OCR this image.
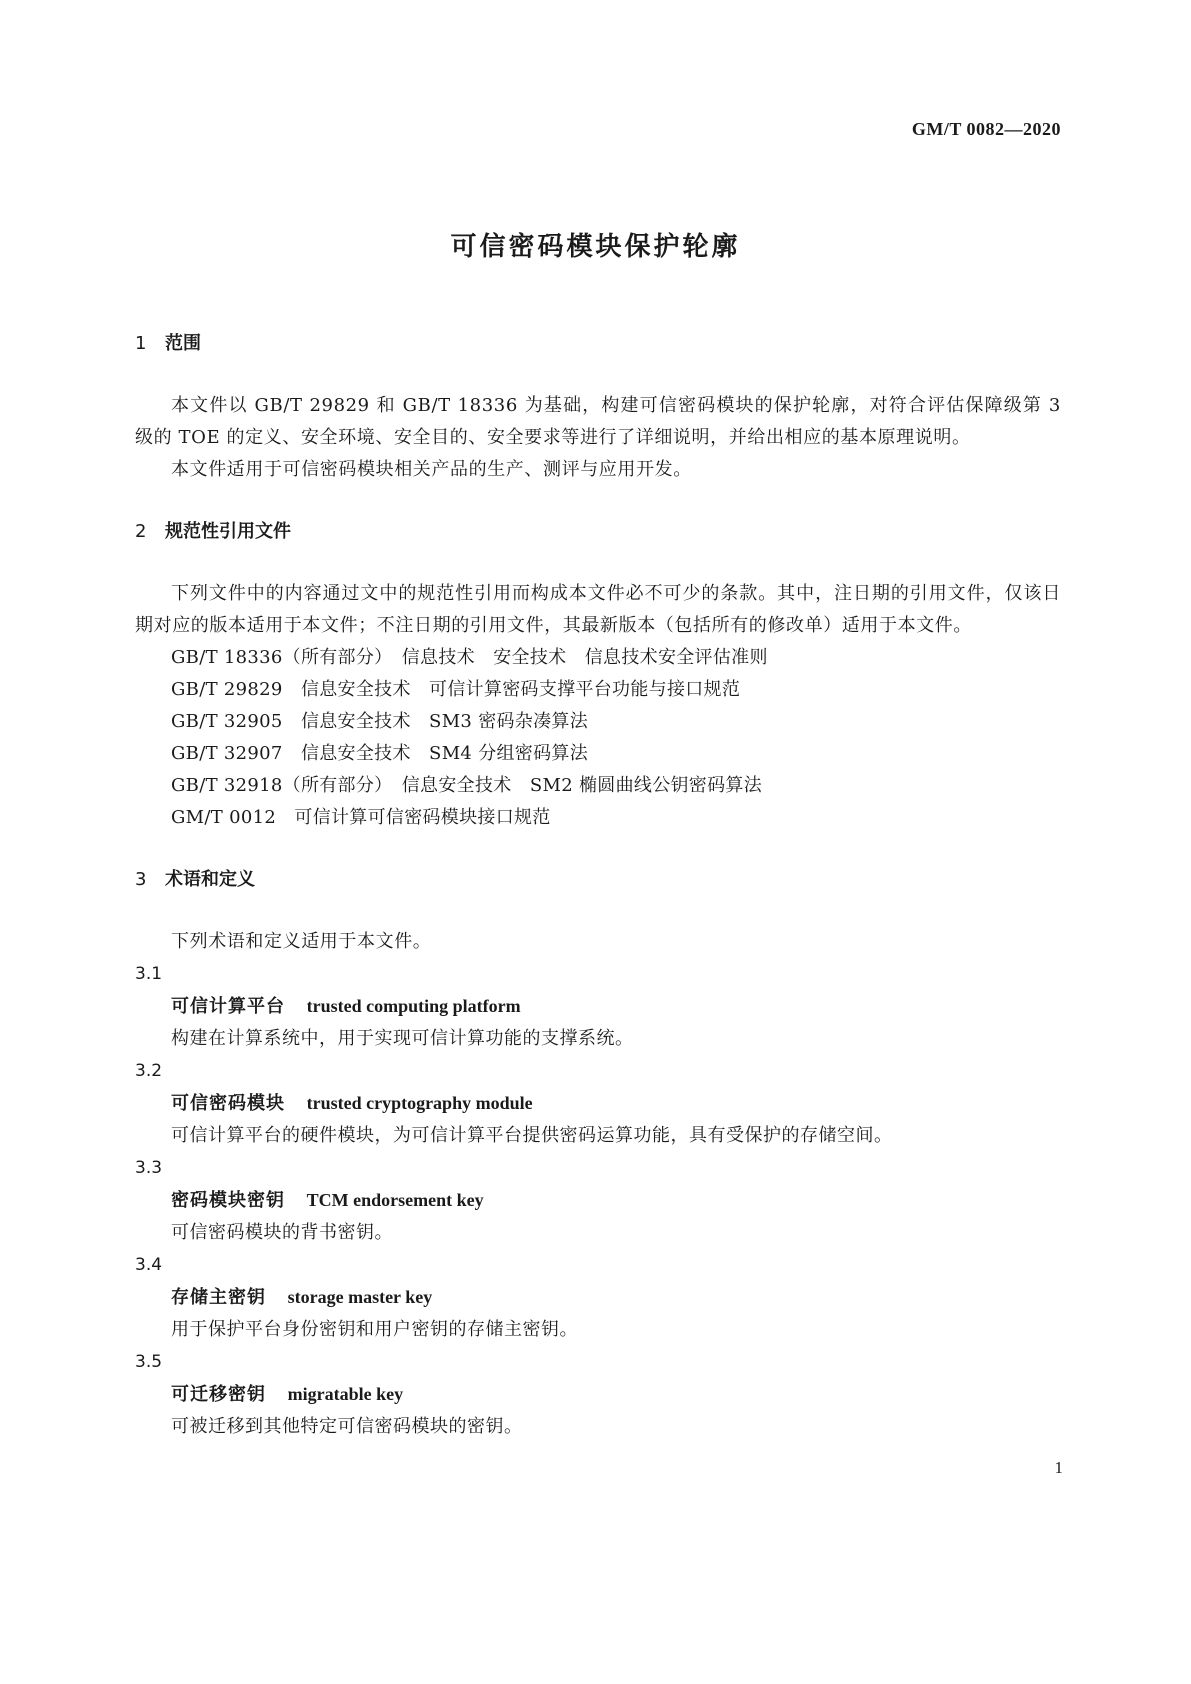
GM/T 0082—2020
可信密码模块保护轮廓
1 范围

本文件以 GB/T 29829 和 GB/T 18336 为基础，构建可信密码模块的保护轮廓，对符合评估保障级第 3 级的 TOE 的定义、安全环境、安全目的、安全要求等进行了详细说明，并给出相应的基本原理说明。

本文件适用于可信密码模块相关产品的生产、测评与应用开发。

2 规范性引用文件

下列文件中的内容通过文中的规范性引用而构成本文件必不可少的条款。其中，注日期的引用文件，仅该日期对应的版本适用于本文件；不注日期的引用文件，其最新版本（包括所有的修改单）适用于本文件。

GB/T 18336（所有部分）　信息技术　安全技术　信息技术安全评估准则

GB/T 29829　信息安全技术　可信计算密码支撑平台功能与接口规范

GB/T 32905　信息安全技术　SM3 密码杂凑算法

GB/T 32907　信息安全技术　SM4 分组密码算法

GB/T 32918（所有部分）　信息安全技术　SM2 椭圆曲线公钥密码算法

GM/T 0012　可信计算可信密码模块接口规范

3 术语和定义

下列术语和定义适用于本文件。

3.1

可信计算平台 trusted computing platform

构建在计算系统中，用于实现可信计算功能的支撑系统。

3.2

可信密码模块 trusted cryptography module

可信计算平台的硬件模块，为可信计算平台提供密码运算功能，具有受保护的存储空间。

3.3

密码模块密钥 TCM endorsement key

可信密码模块的背书密钥。

3.4

存储主密钥 storage master key

用于保护平台身份密钥和用户密钥的存储主密钥。

3.5

可迁移密钥 migratable key

可被迁移到其他特定可信密码模块的密钥。

1
